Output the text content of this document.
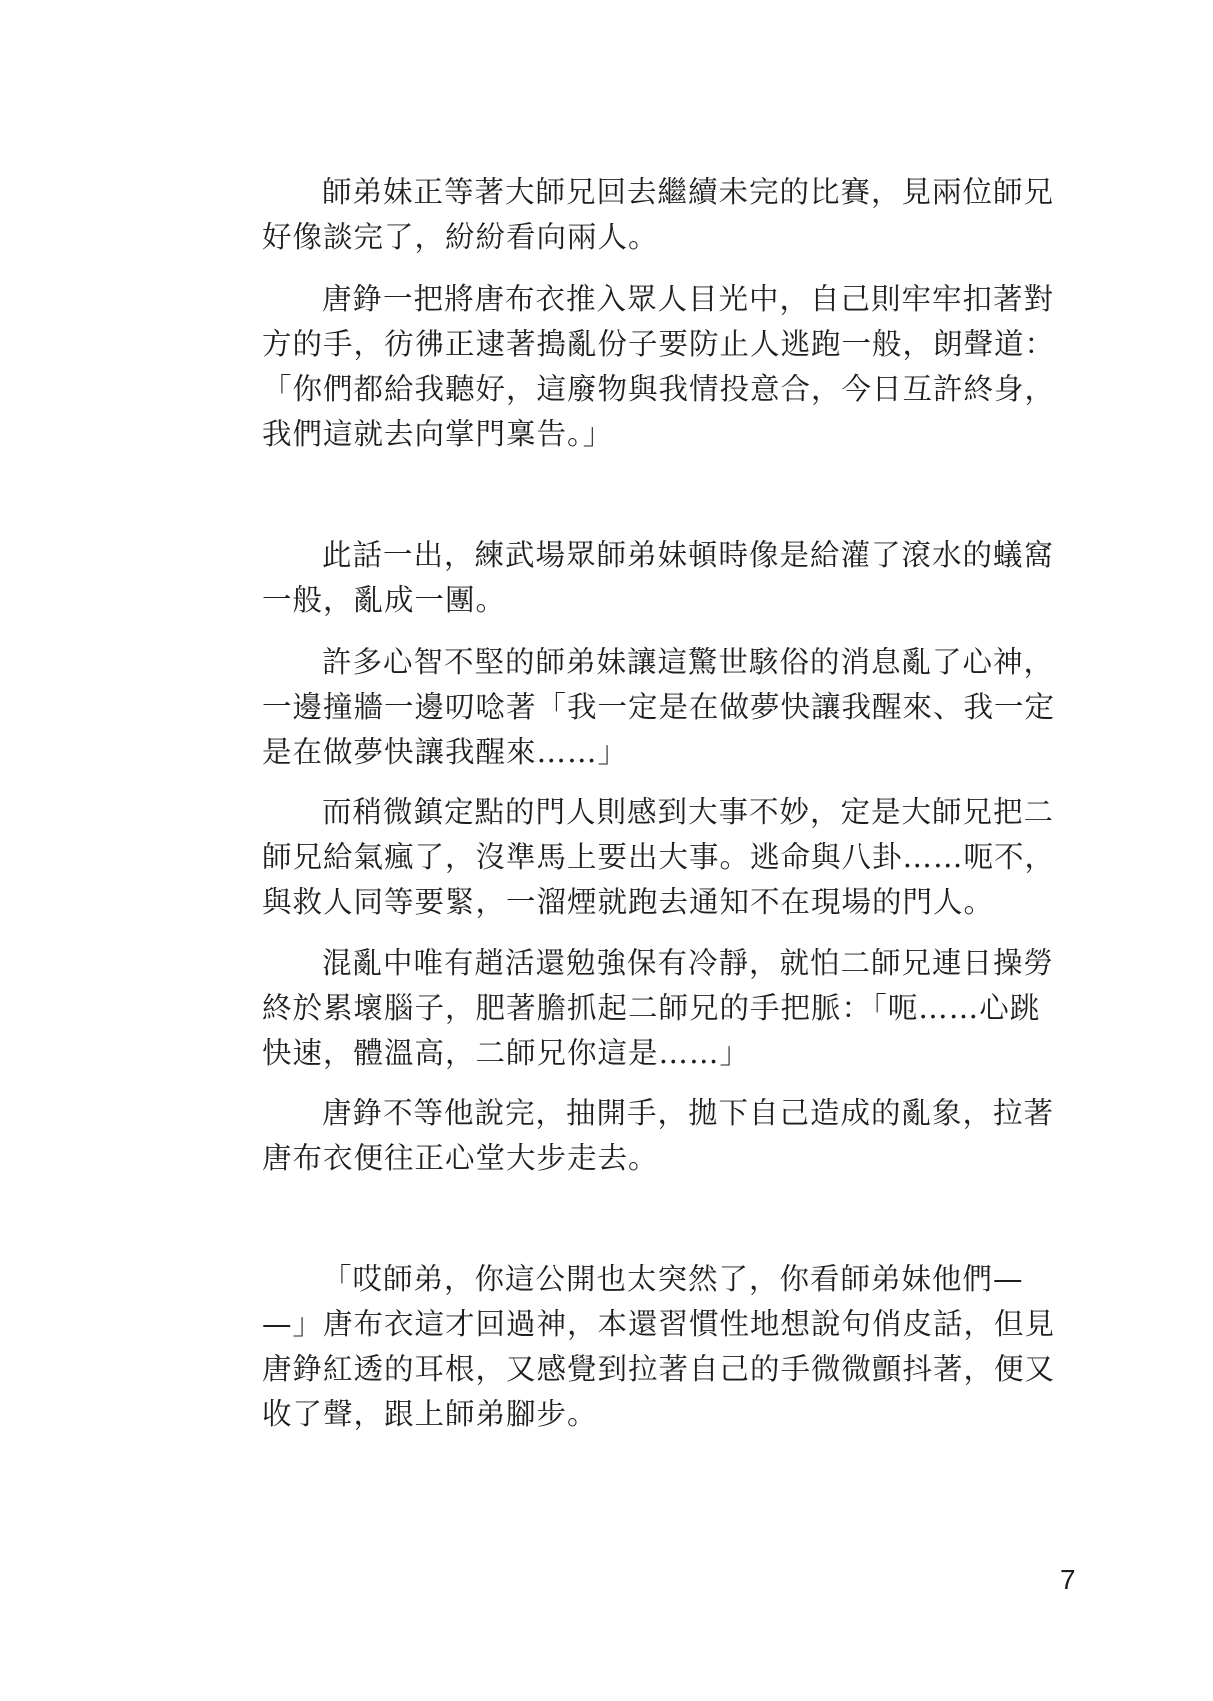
師弟妹正等著大師兄回去繼續未完的比賽，見兩位師兄
好像談完了，紛紛看向兩人。
唐錚一把將唐布衣推入眾人目光中，自己則牢牢扣著對
方的手，彷彿正逮著搗亂份子要防止人逃跑一般，朗聲道：
「你們都給我聽好，這廢物與我情投意合，今日互許終身，
我們這就去向掌門稟告。」
此話一出，練武場眾師弟妹頓時像是給灌了滾水的蟻窩
一般，亂成一團。
許多心智不堅的師弟妹讓這驚世駭俗的消息亂了心神，
一邊撞牆一邊叨唸著「我一定是在做夢快讓我醒來、我一定
是在做夢快讓我醒來……」
而稍微鎮定點的門人則感到大事不妙，定是大師兄把二
師兄給氣瘋了，沒準馬上要出大事。逃命與八卦……呃不，
與救人同等要緊，一溜煙就跑去通知不在現場的門人。
混亂中唯有趙活還勉強保有冷靜，就怕二師兄連日操勞
終於累壞腦子，肥著膽抓起二師兄的手把脈：「呃……心跳
快速，體溫高，二師兄你這是……」
唐錚不等他說完，抽開手，拋下自己造成的亂象，拉著
唐布衣便往正心堂大步走去。
「哎師弟，你這公開也太突然了，你看師弟妹他們—
—」唐布衣這才回過神，本還習慣性地想說句俏皮話，但見
唐錚紅透的耳根，又感覺到拉著自己的手微微顫抖著，便又
收了聲，跟上師弟腳步。
7
